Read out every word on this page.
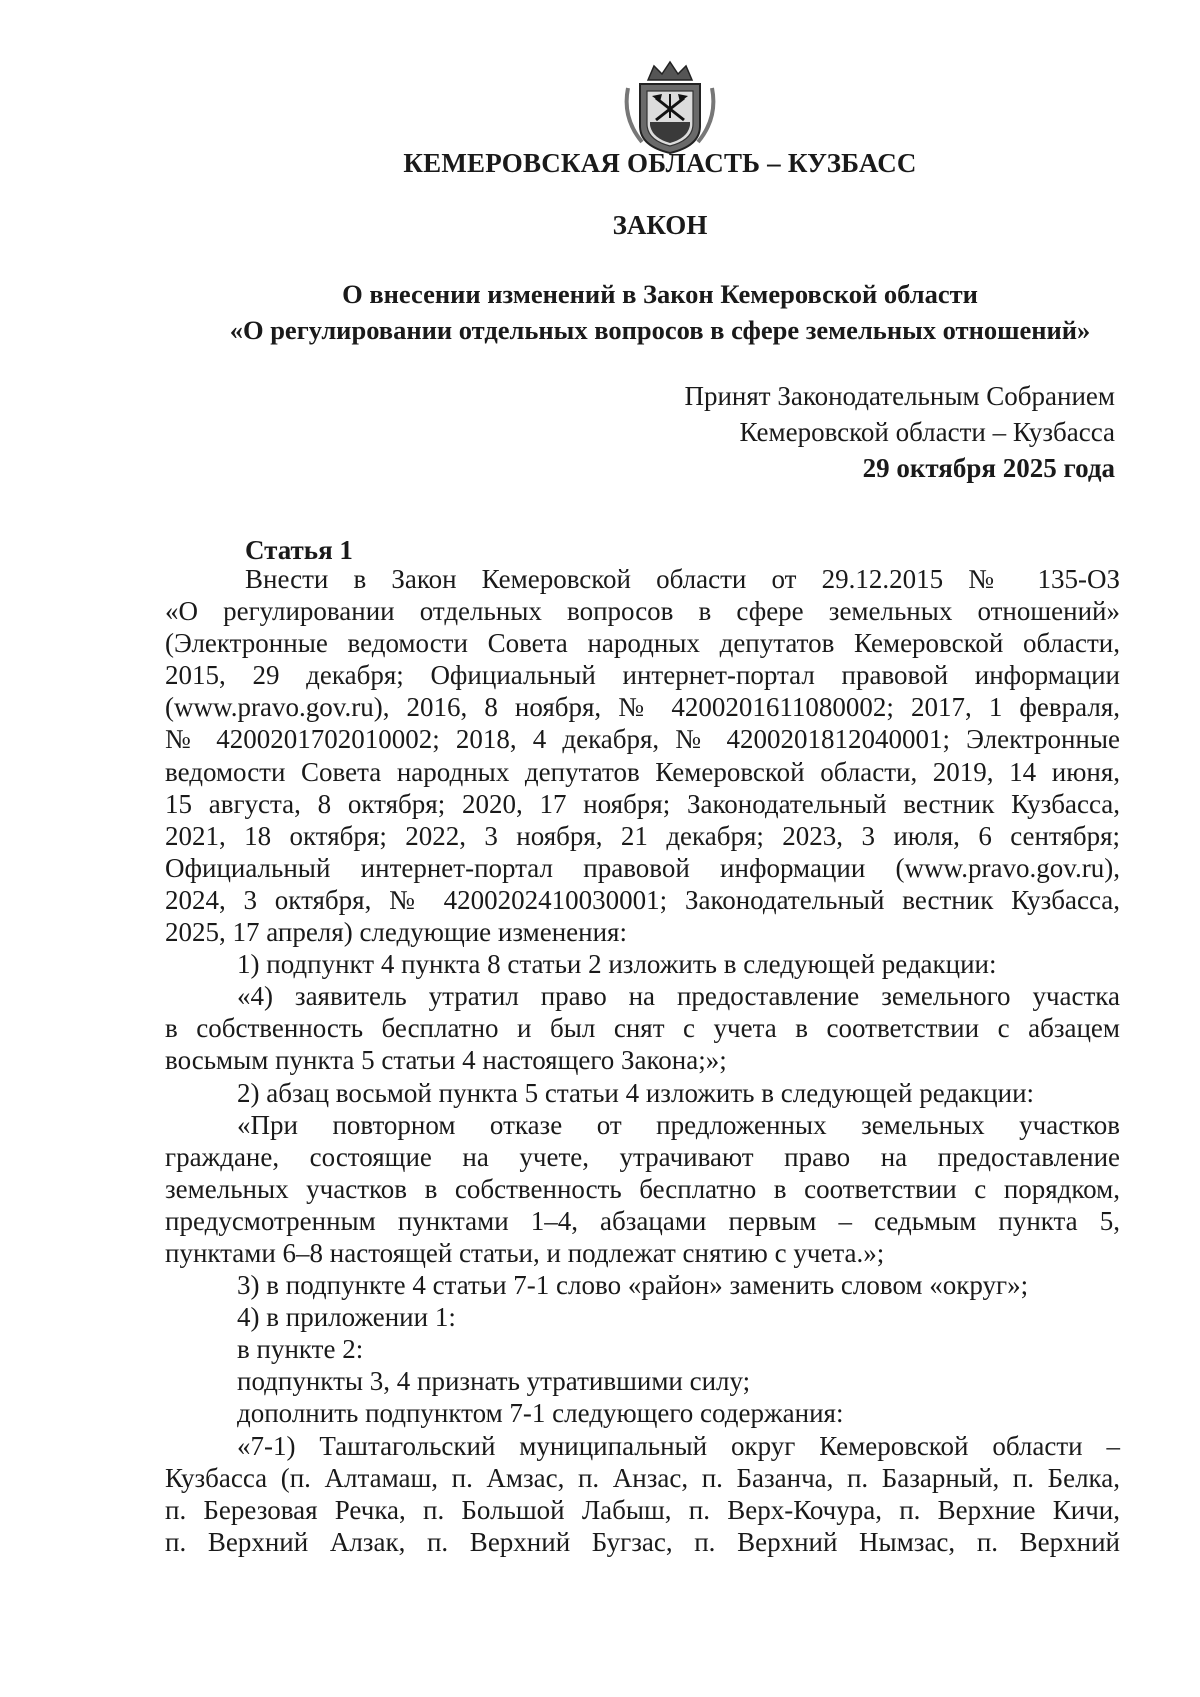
КЕМЕРОВСКАЯ ОБЛАСТЬ – КУЗБАСС
ЗАКОН
О внесении изменений в Закон Кемеровской области
«О регулировании отдельных вопросов в сфере земельных отношений»
Принят Законодательным Собранием
Кемеровской области – Кузбасса
29 октября 2025 года
Статья 1

Внести в Закон Кемеровской области от 29.12.2015 № 135-ОЗ

«О регулировании отдельных вопросов в сфере земельных отношений»

(Электронные ведомости Совета народных депутатов Кемеровской области,

2015, 29 декабря; Официальный интернет-портал правовой информации

(www.pravo.gov.ru), 2016, 8 ноября, № 4200201611080002; 2017, 1 февраля,

№ 4200201702010002; 2018, 4 декабря, № 4200201812040001; Электронные

ведомости Совета народных депутатов Кемеровской области, 2019, 14 июня,

15 августа, 8 октября; 2020, 17 ноября; Законодательный вестник Кузбасса,

2021, 18 октября; 2022, 3 ноября, 21 декабря; 2023, 3 июля, 6 сентября;

Официальный интернет-портал правовой информации (www.pravo.gov.ru),

2024, 3 октября, № 4200202410030001; Законодательный вестник Кузбасса,

2025, 17 апреля) следующие изменения:

1) подпункт 4 пункта 8 статьи 2 изложить в следующей редакции:

«4) заявитель утратил право на предоставление земельного участка

в собственность бесплатно и был снят с учета в соответствии с абзацем

восьмым пункта 5 статьи 4 настоящего Закона;»;

2) абзац восьмой пункта 5 статьи 4 изложить в следующей редакции:

«При повторном отказе от предложенных земельных участков

граждане, состоящие на учете, утрачивают право на предоставление

земельных участков в собственность бесплатно в соответствии с порядком,

предусмотренным пунктами 1–4, абзацами первым – седьмым пункта 5,

пунктами 6–8 настоящей статьи, и подлежат снятию с учета.»;

3) в подпункте 4 статьи 7-1 слово «район» заменить словом «округ»;

4) в приложении 1:

в пункте 2:

подпункты 3, 4 признать утратившими силу;

дополнить подпунктом 7-1 следующего содержания:

«7-1) Таштагольский муниципальный округ Кемеровской области –

Кузбасса (п. Алтамаш, п. Амзас, п. Анзас, п. Базанча, п. Базарный, п. Белка,

п. Березовая Речка, п. Большой Лабыш, п. Верх-Кочура, п. Верхние Кичи,

п. Верхний Алзак, п. Верхний Бугзас, п. Верхний Нымзас, п. Верхний
